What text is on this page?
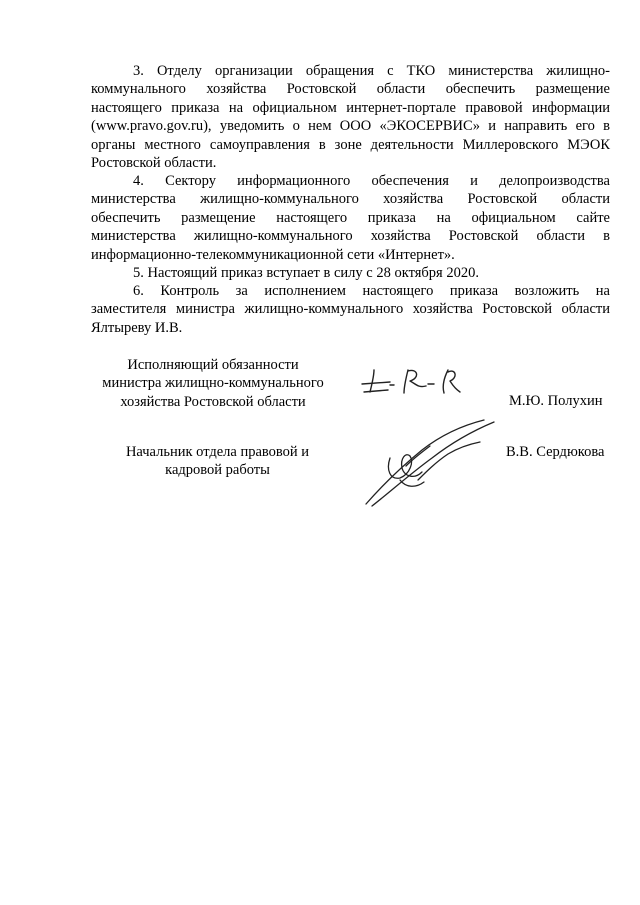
3. Отделу организации обращения с ТКО министерства жилищно-
коммунального хозяйства Ростовской области обеспечить размещение
настоящего приказа на официальном интернет-портале правовой информации
(www.pravo.gov.ru), уведомить о нем ООО «ЭКОСЕРВИС» и направить его в
органы местного самоуправления в зоне деятельности Миллеровского МЭОК
Ростовской области.
4. Сектору информационного обеспечения и делопроизводства
министерства жилищно-коммунального хозяйства Ростовской области
обеспечить размещение настоящего приказа на официальном сайте
министерства жилищно-коммунального хозяйства Ростовской области в
информационно-телекоммуникационной сети «Интернет».
5. Настоящий приказ вступает в силу с 28 октября 2020.
6. Контроль за исполнением настоящего приказа возложить на
заместителя министра жилищно-коммунального хозяйства Ростовской области
Ялтыреву И.В.
Исполняющий обязанности
министра жилищно-коммунального
хозяйства Ростовской области	М.Ю. Полухин
Начальник отдела правовой и
кадровой работы
В.В. Сердюкова
